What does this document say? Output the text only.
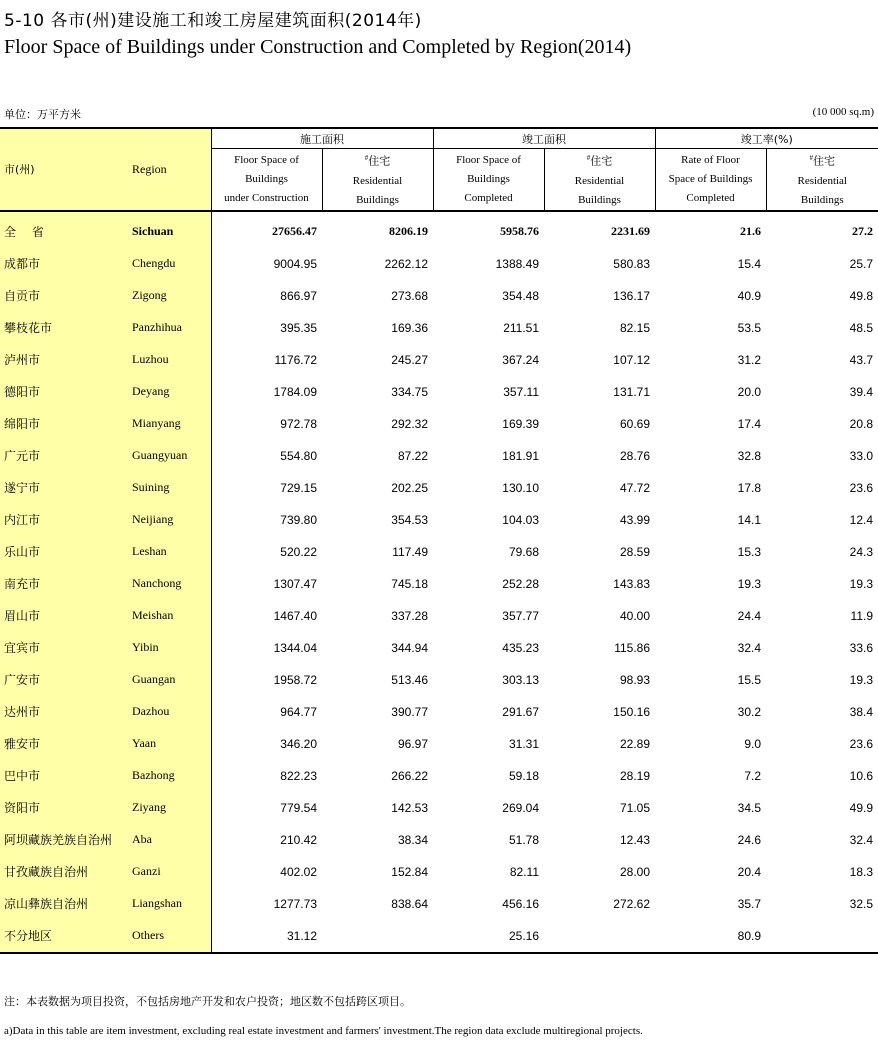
5-10 各市(州)建设施工和竣工房屋建筑面积(2014年)
Floor Space of Buildings under Construction and Completed by Region(2014)
单位：万平方米	(10 000 sq.m)
市(州)	Region	施工面积		竣工面积		竣工率(%)	
		Floor Space of
Buildings
under Construction	#住宅
Residential
Buildings	Floor Space of
Buildings
Completed	#住宅
Residential
Buildings	Rate of Floor
Space of Buildings
Completed	#住宅
Residential
Buildings
全 省	Sichuan	27656.47	8206.19	5958.76	2231.69	21.6	27.2
成都市	Chengdu	9004.95	2262.12	1388.49	580.83	15.4	25.7
自贡市	Zigong	866.97	273.68	354.48	136.17	40.9	49.8
攀枝花市	Panzhihua	395.35	169.36	211.51	82.15	53.5	48.5
泸州市	Luzhou	1176.72	245.27	367.24	107.12	31.2	43.7
德阳市	Deyang	1784.09	334.75	357.11	131.71	20.0	39.4
绵阳市	Mianyang	972.78	292.32	169.39	60.69	17.4	20.8
广元市	Guangyuan	554.80	87.22	181.91	28.76	32.8	33.0
遂宁市	Suining	729.15	202.25	130.10	47.72	17.8	23.6
内江市	Neijiang	739.80	354.53	104.03	43.99	14.1	12.4
乐山市	Leshan	520.22	117.49	79.68	28.59	15.3	24.3
南充市	Nanchong	1307.47	745.18	252.28	143.83	19.3	19.3
眉山市	Meishan	1467.40	337.28	357.77	40.00	24.4	11.9
宜宾市	Yibin	1344.04	344.94	435.23	115.86	32.4	33.6
广安市	Guangan	1958.72	513.46	303.13	98.93	15.5	19.3
达州市	Dazhou	964.77	390.77	291.67	150.16	30.2	38.4
雅安市	Yaan	346.20	96.97	31.31	22.89	9.0	23.6
巴中市	Bazhong	822.23	266.22	59.18	28.19	7.2	10.6
资阳市	Ziyang	779.54	142.53	269.04	71.05	34.5	49.9
阿坝藏族羌族自治州	Aba	210.42	38.34	51.78	12.43	24.6	32.4
甘孜藏族自治州	Ganzi	402.02	152.84	82.11	28.00	20.4	18.3
凉山彝族自治州	Liangshan	1277.73	838.64	456.16	272.62	35.7	32.5
不分地区	Others	31.12		25.16		80.9	
注：本表数据为项目投资，不包括房地产开发和农户投资；地区数不包括跨区项目。
a)Data in this table are item investment, excluding real estate investment and farmers' investment.The region data exclude multiregional projects.
